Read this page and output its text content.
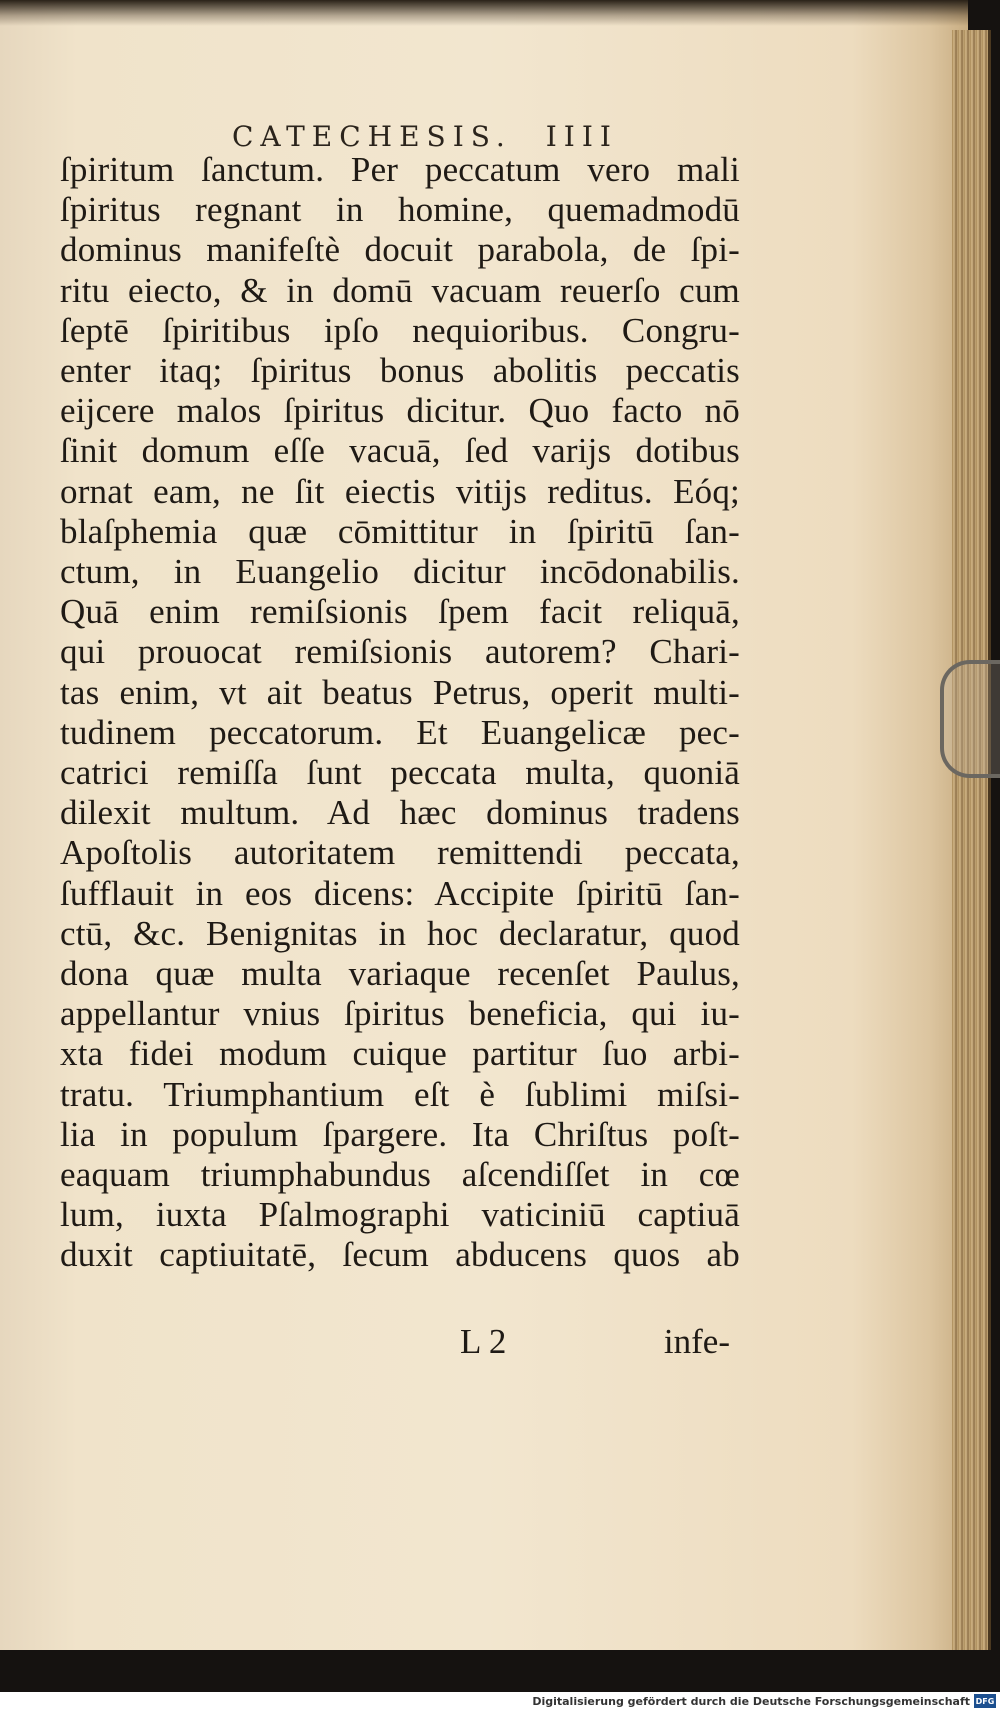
CATECHESIS. IIII
ſpiritum ſanctum. Per peccatum vero mali
ſpiritus regnant in homine, quemadmodū
dominus manifeſtè docuit parabola, de ſpi-
ritu eiecto, & in domū vacuam reuerſo cum
ſeptē ſpiritibus ipſo nequioribus. Congru-
enter itaq; ſpiritus bonus abolitis peccatis
eijcere malos ſpiritus dicitur. Quo facto nō
ſinit domum eſſe vacuā, ſed varijs dotibus
ornat eam, ne ſit eiectis vitijs reditus. Eóq;
blaſphemia quæ cōmittitur in ſpiritū ſan-
ctum, in Euangelio dicitur incōdonabilis.
Quā enim remiſsionis ſpem facit reliquā,
qui prouocat remiſsionis autorem? Chari-
tas enim, vt ait beatus Petrus, operit multi-
tudinem peccatorum. Et Euangelicæ pec-
catrici remiſſa ſunt peccata multa, quoniā
dilexit multum. Ad hæc dominus tradens
Apoſtolis autoritatem remittendi peccata,
ſufflauit in eos dicens: Accipite ſpiritū ſan-
ctū, &c. Benignitas in hoc declaratur, quod
dona quæ multa variaque recenſet Paulus,
appellantur vnius ſpiritus beneficia, qui iu-
xta fidei modum cuique partitur ſuo arbi-
tratu. Triumphantium eſt è ſublimi miſsi-
lia in populum ſpargere. Ita Chriſtus poſt-
eaquam triumphabundus aſcendiſſet in cœ
lum, iuxta Pſalmographi vaticiniū captiuā
duxit captiuitatē, ſecum abducens quos ab
L 2	infe-
Digitalisierung gefördert durch die Deutsche Forschungsgemeinschaft DFG
